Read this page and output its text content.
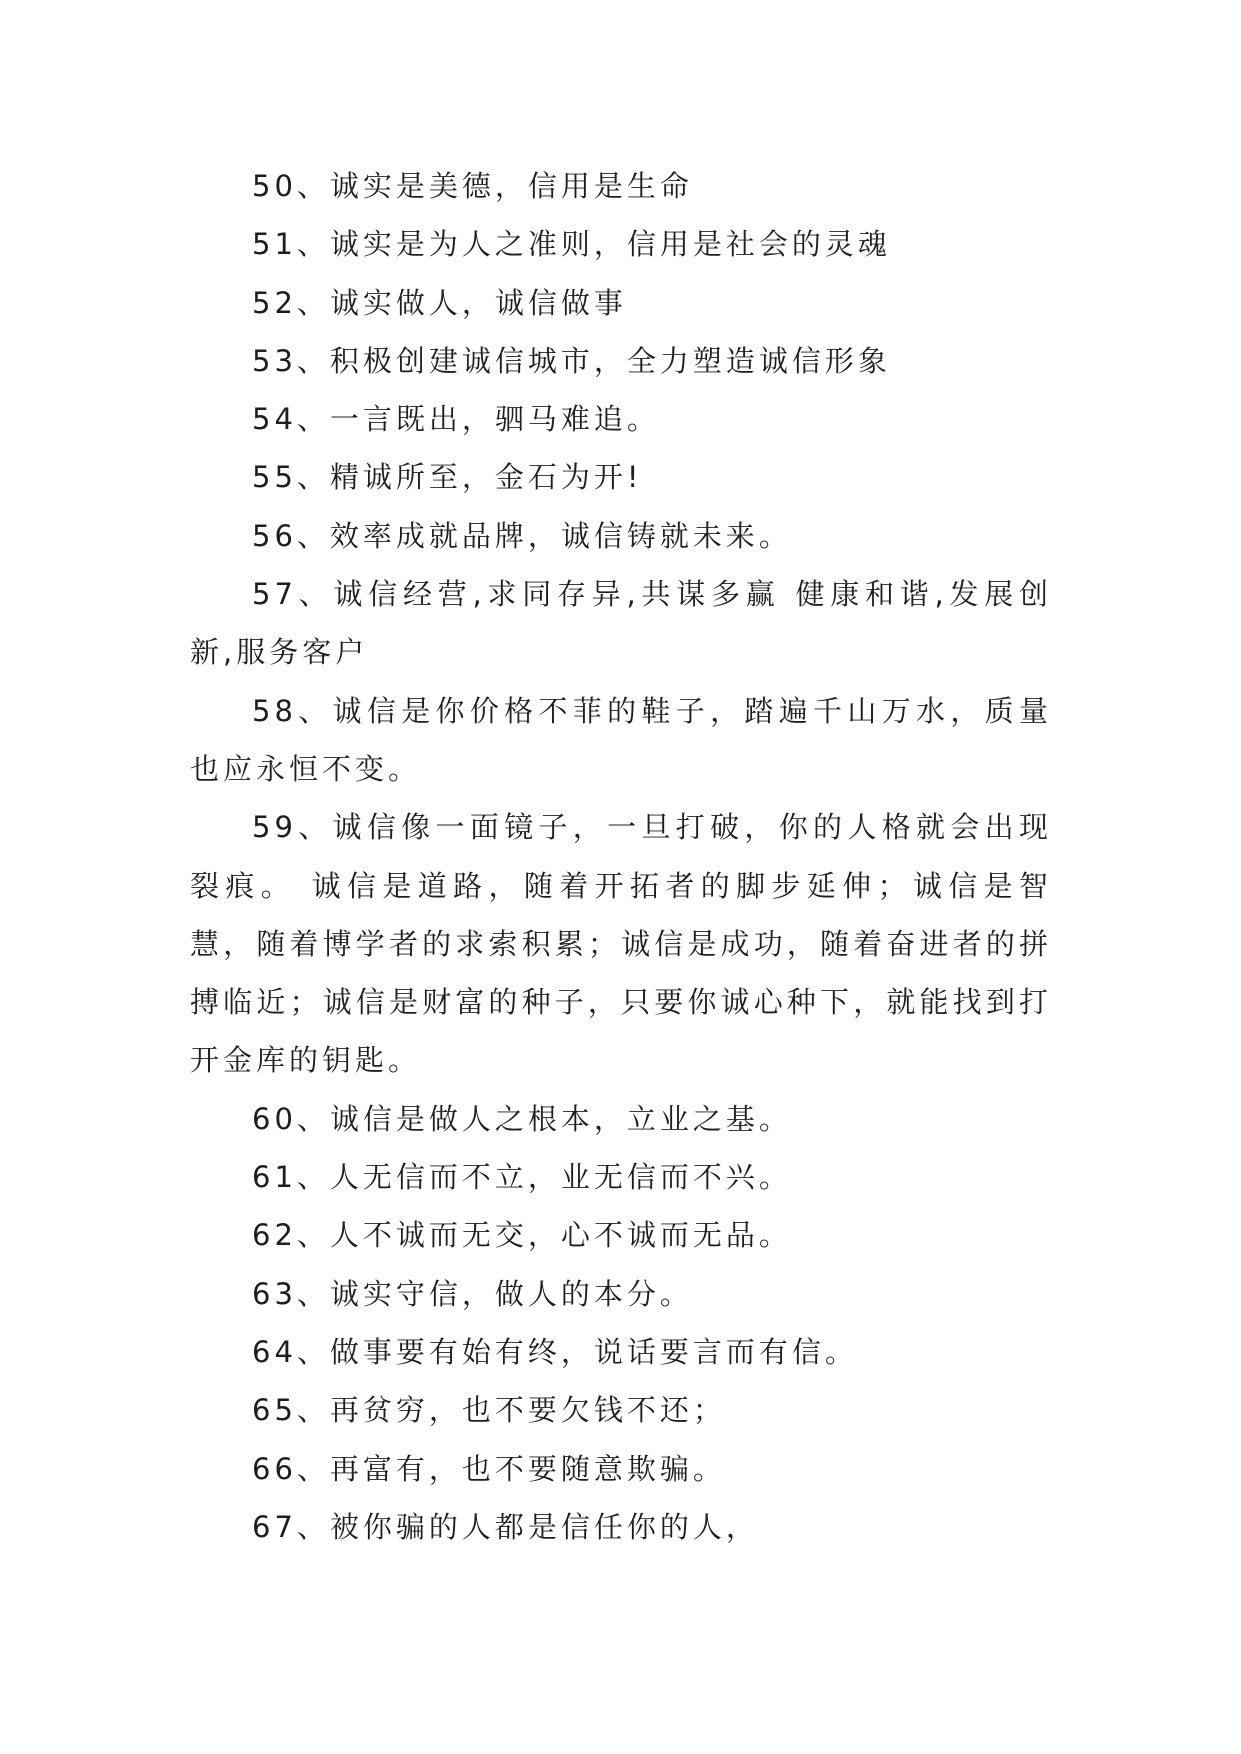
50、诚实是美德，信用是生命

51、诚实是为人之准则，信用是社会的灵魂

52、诚实做人，诚信做事

53、积极创建诚信城市，全力塑造诚信形象

54、一言既出，驷马难追。

55、精诚所至，金石为开!

56、效率成就品牌，诚信铸就未来。

57、诚信经营,求同存异,共谋多赢 健康和谐,发展创新,服务客户

58、诚信是你价格不菲的鞋子，踏遍千山万水，质量也应永恒不变。

59、诚信像一面镜子，一旦打破，你的人格就会出现裂痕。 诚信是道路，随着开拓者的脚步延伸；诚信是智慧，随着博学者的求索积累；诚信是成功，随着奋进者的拼搏临近；诚信是财富的种子，只要你诚心种下，就能找到打开金库的钥匙。

60、诚信是做人之根本，立业之基。

61、人无信而不立，业无信而不兴。

62、人不诚而无交，心不诚而无品。

63、诚实守信，做人的本分。

64、做事要有始有终，说话要言而有信。

65、再贫穷，也不要欠钱不还；

66、再富有，也不要随意欺骗。

67、被你骗的人都是信任你的人，
